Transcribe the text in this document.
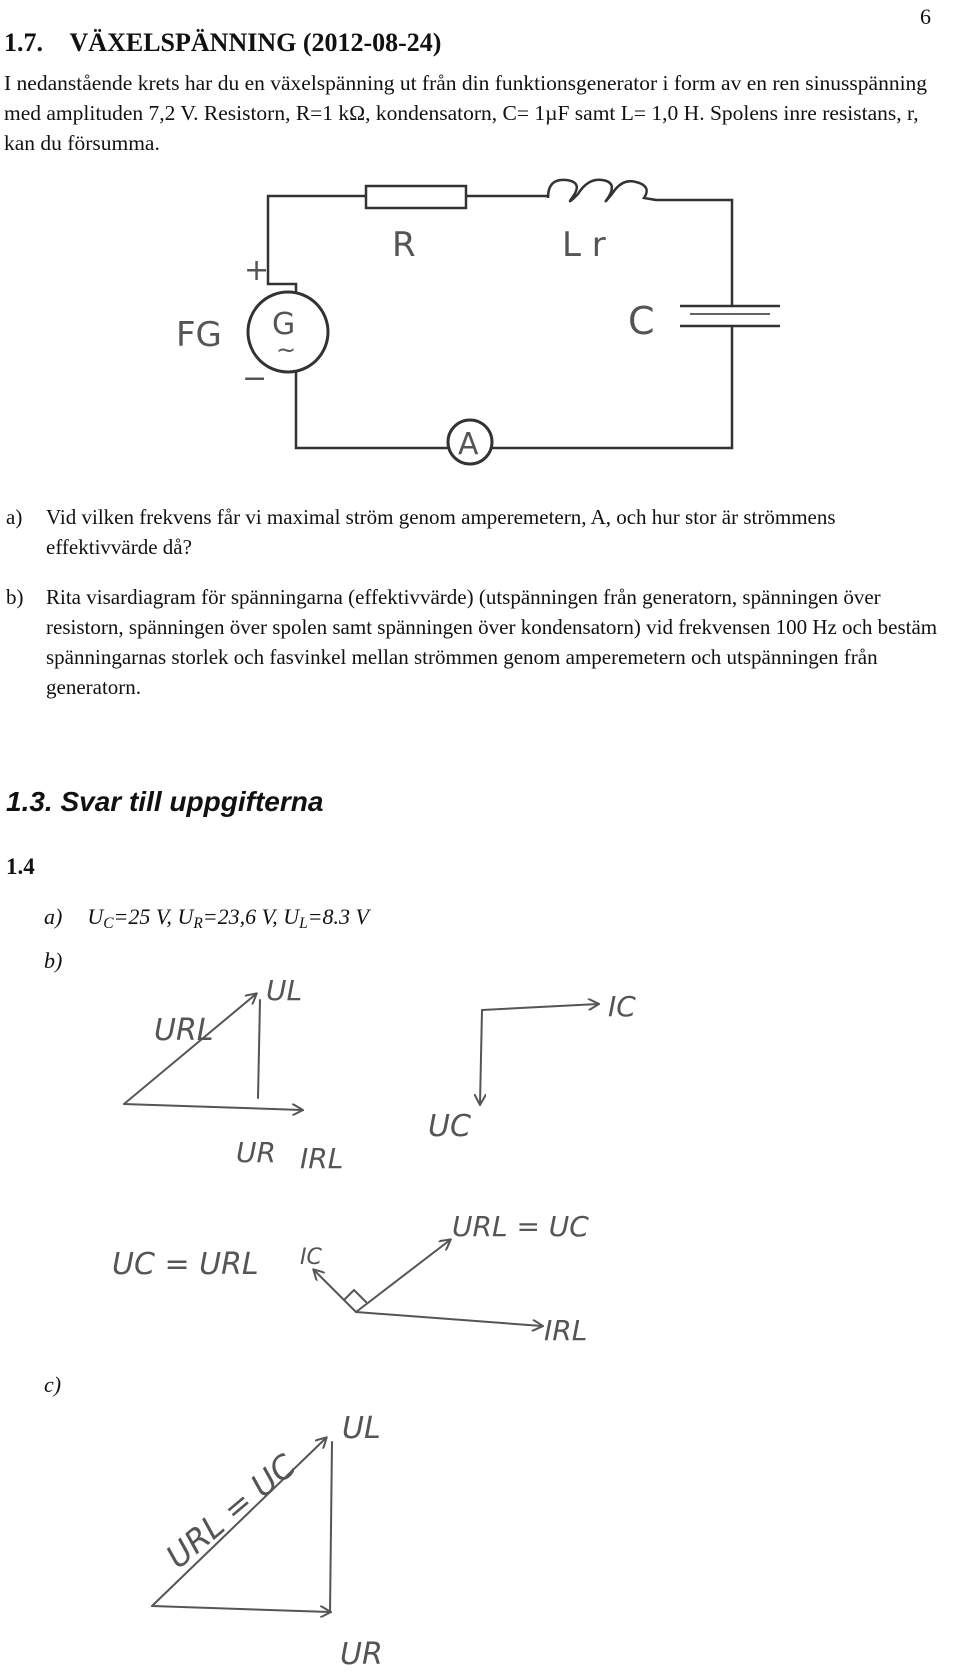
6
1.7. VÄXELSPÄNNING (2012-08-24)
I nedanstående krets har du en växelspänning ut från din funktionsgenerator i form av en ren sinusspänning med amplituden 7,2 V. Resistorn, R=1 kΩ, kondensatorn, C= 1µF samt L= 1,0 H. Spolens inre resistans, r, kan du försumma.
G
~
+
−
FG
R	L r
C
A
a) Vid vilken frekvens får vi maximal ström genom amperemetern, A, och hur stor är strömmens effektivvärde då?
b) Rita visardiagram för spänningarna (effektivvärde) (utspänningen från generatorn, spänningen över resistorn, spänningen över spolen samt spänningen över kondensatorn) vid frekvensen 100 Hz och bestäm spänningarnas storlek och fasvinkel mellan strömmen genom amperemetern och utspänningen från generatorn.
1.3. Svar till uppgifterna
1.4
a) $U_C=25$ V, $U_R=23,6$ V, $U_L=8.3$ V
b)
c)
UL
URL
UR IRL
IC
UC
UC = URL
URL = UC
IC
IRL
UL
URL = UC
UR
